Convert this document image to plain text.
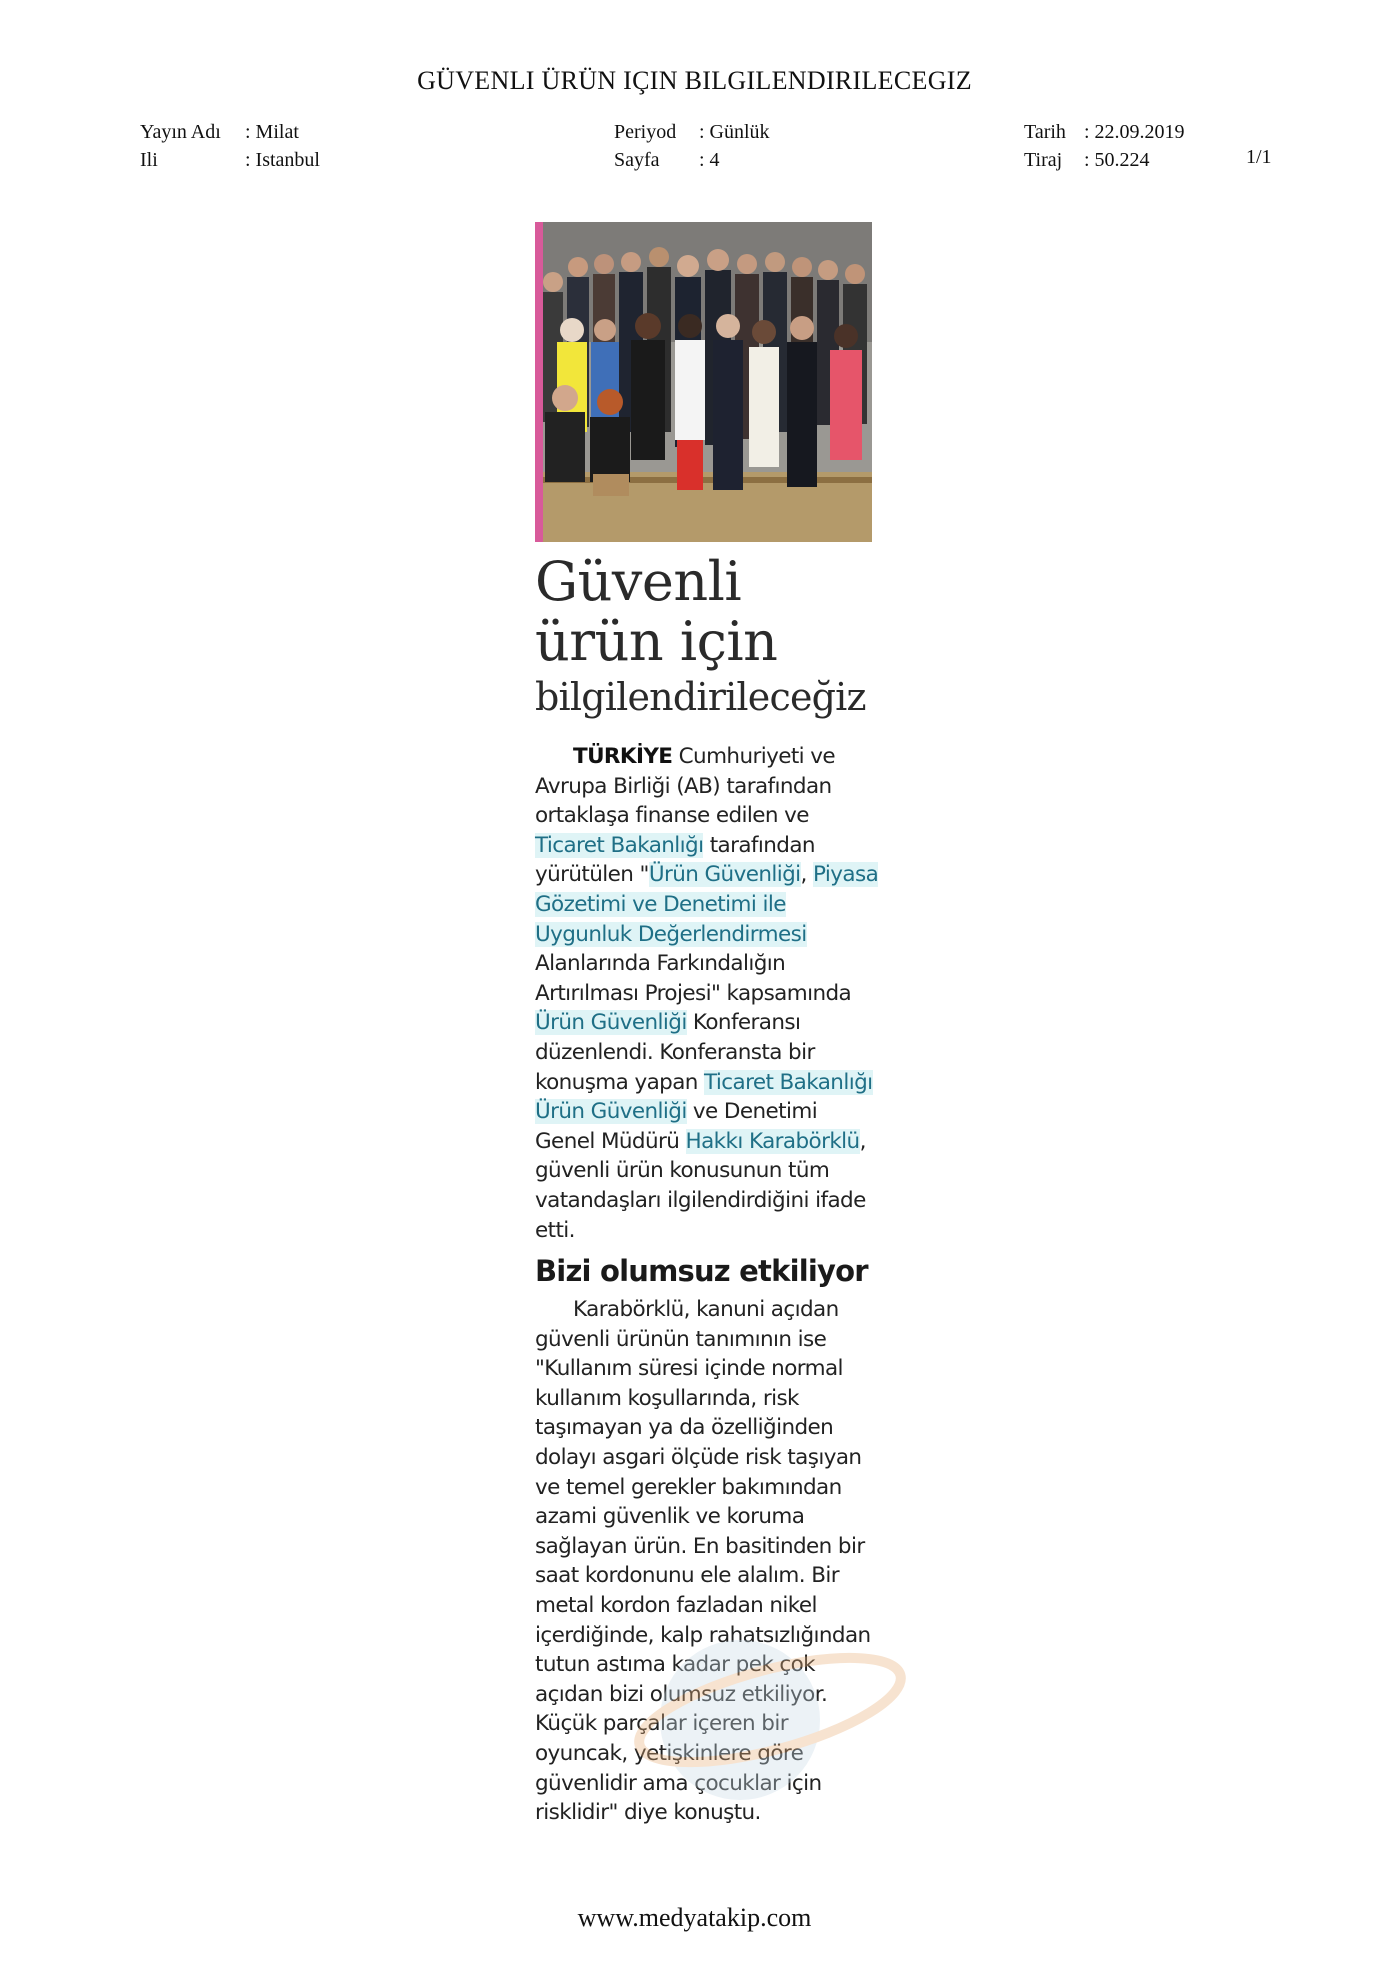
GÜVENLI ÜRÜN IÇIN BILGILENDIRILECEGIZ
Yayın Adı : Milat
Ili	: Istanbul
Periyod : Günlük
Sayfa : 4
Tarih : 22.09.2019
Tiraj : 50.224	1/1
Güvenli
ürün için
bilgilendirileceğiz

TÜRKİYE Cumhuriyeti ve Avrupa Birliği (AB) tarafından ortaklaşa finanse edilen ve Ticaret Bakanlığı tarafından yürütülen "Ürün Güvenliği, Piyasa Gözetimi ve Denetimi ile Uygunluk Değerlendirmesi Alanlarında Farkındalığın Artırılması Projesi" kapsamında Ürün Güvenliği Konferansı düzenlendi. Konferansta bir konuşma yapan Ticaret Bakanlığı Ürün Güvenliği ve Denetimi Genel Müdürü Hakkı Karabörklü, güvenli ürün konusunun tüm vatandaşları ilgilendirdiğini ifade etti.

Bizi olumsuz etkiliyor

Karabörklü, kanuni açıdan güvenli ürünün tanımının ise "Kullanım süresi içinde normal kullanım koşullarında, risk taşımayan ya da özelliğinden dolayı asgari ölçüde risk taşıyan ve temel gerekler bakımından azami güvenlik ve koruma sağlayan ürün. En basitinden bir saat kordonunu ele alalım. Bir metal kordon fazladan nikel içerdiğinde, kalp rahatsızlığından tutun astıma kadar pek çok açıdan bizi olumsuz etkiliyor. Küçük parçalar içeren bir oyuncak, yetişkinlere göre güvenlidir ama çocuklar için risklidir" diye konuştu.

www.medyatakip.com
